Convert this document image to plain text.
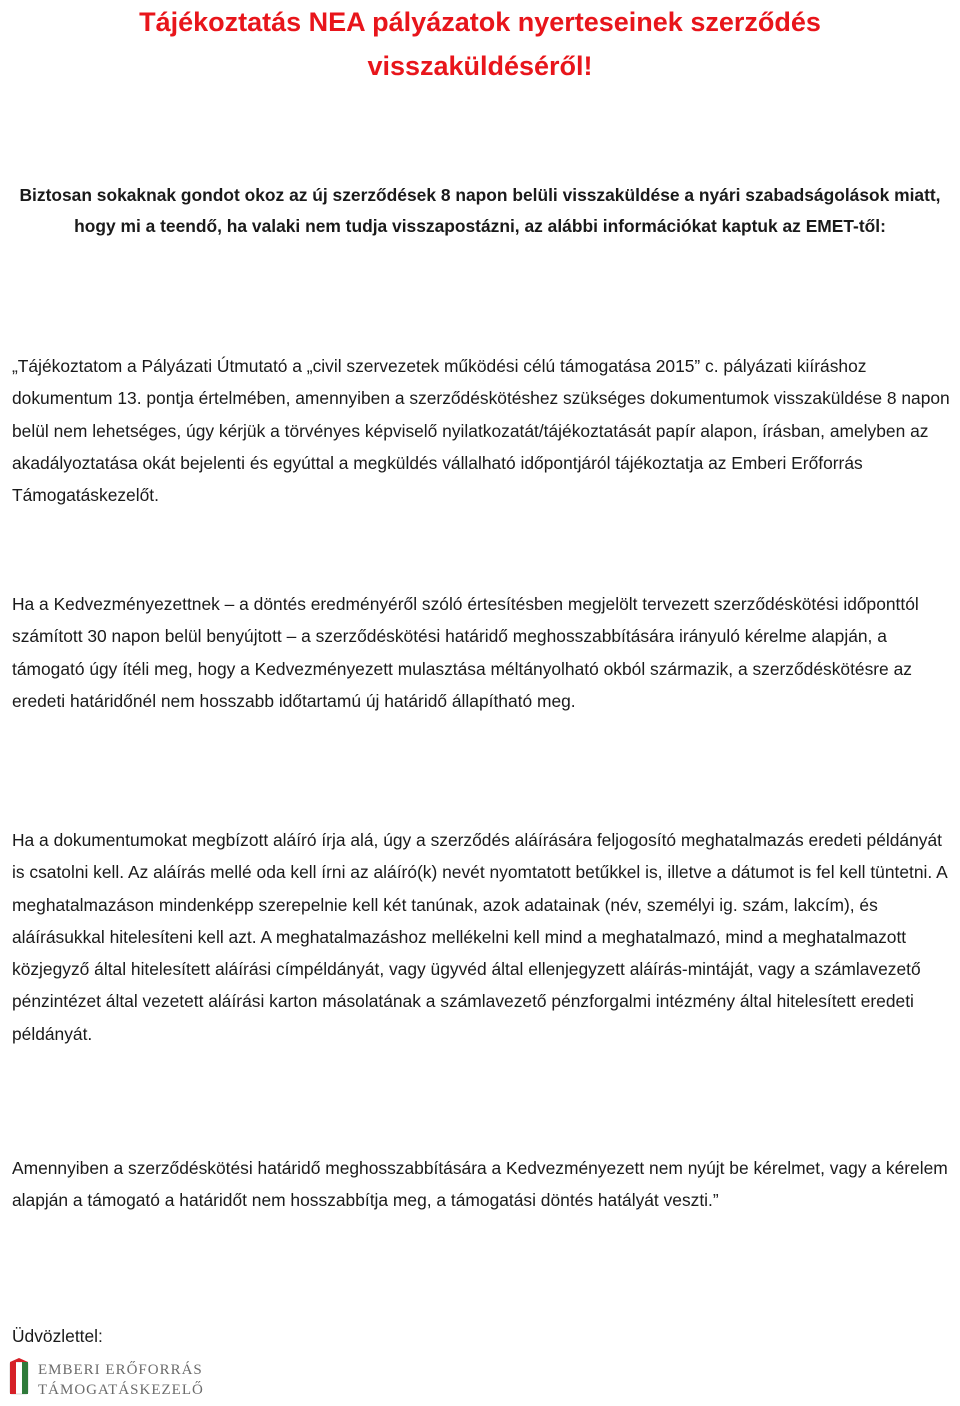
Tájékoztatás NEA pályázatok nyerteseinek szerződés visszaküldéséről!
Biztosan sokaknak gondot okoz az új szerződések 8 napon belüli visszaküldése a nyári szabadságolások miatt, hogy mi a teendő, ha valaki nem tudja visszapostázni, az alábbi információkat kaptuk az EMET-től:
„Tájékoztatom a Pályázati Útmutató a „civil szervezetek működési célú támogatása 2015” c. pályázati kiíráshoz dokumentum 13. pontja értelmében, amennyiben a szerződéskötéshez szükséges dokumentumok visszaküldése 8 napon belül nem lehetséges, úgy kérjük a törvényes képviselő nyilatkozatát/tájékoztatását papír alapon, írásban, amelyben az akadályoztatása okát bejelenti és egyúttal a megküldés vállalható időpontjáról tájékoztatja az Emberi Erőforrás Támogatáskezelőt.
Ha a Kedvezményezettnek – a döntés eredményéről szóló értesítésben megjelölt tervezett szerződéskötési időponttól számított 30 napon belül benyújtott – a szerződéskötési határidő meghosszabbítására irányuló kérelme alapján, a támogató úgy ítéli meg, hogy a Kedvezményezett mulasztása méltányolható okból származik, a szerződéskötésre az eredeti határidőnél nem hosszabb időtartamú új határidő állapítható meg.
Ha a dokumentumokat megbízott aláíró írja alá, úgy a szerződés aláírására feljogosító meghatalmazás eredeti példányát is csatolni kell. Az aláírás mellé oda kell írni az aláíró(k) nevét nyomtatott betűkkel is, illetve a dátumot is fel kell tüntetni. A meghatalmazáson mindenképp szerepelnie kell két tanúnak, azok adatainak (név, személyi ig. szám, lakcím), és aláírásukkal hitelesíteni kell azt. A meghatalmazáshoz mellékelni kell mind a meghatalmazó, mind a meghatalmazott közjegyző által hitelesített aláírási címpéldányát, vagy ügyvéd által ellenjegyzett aláírás-mintáját, vagy a számlavezető pénzintézet által vezetett aláírási karton másolatának a számlavezető pénzforgalmi intézmény által hitelesített eredeti példányát.
Amennyiben a szerződéskötési határidő meghosszabbítására a Kedvezményezett nem nyújt be kérelmet, vagy a kérelem alapján a támogató a határidőt nem hosszabbítja meg, a támogatási döntés hatályát veszti.”
Üdvözlettel:
EMBERI ERŐFORRÁS
TÁMOGATÁSKEZELŐ
